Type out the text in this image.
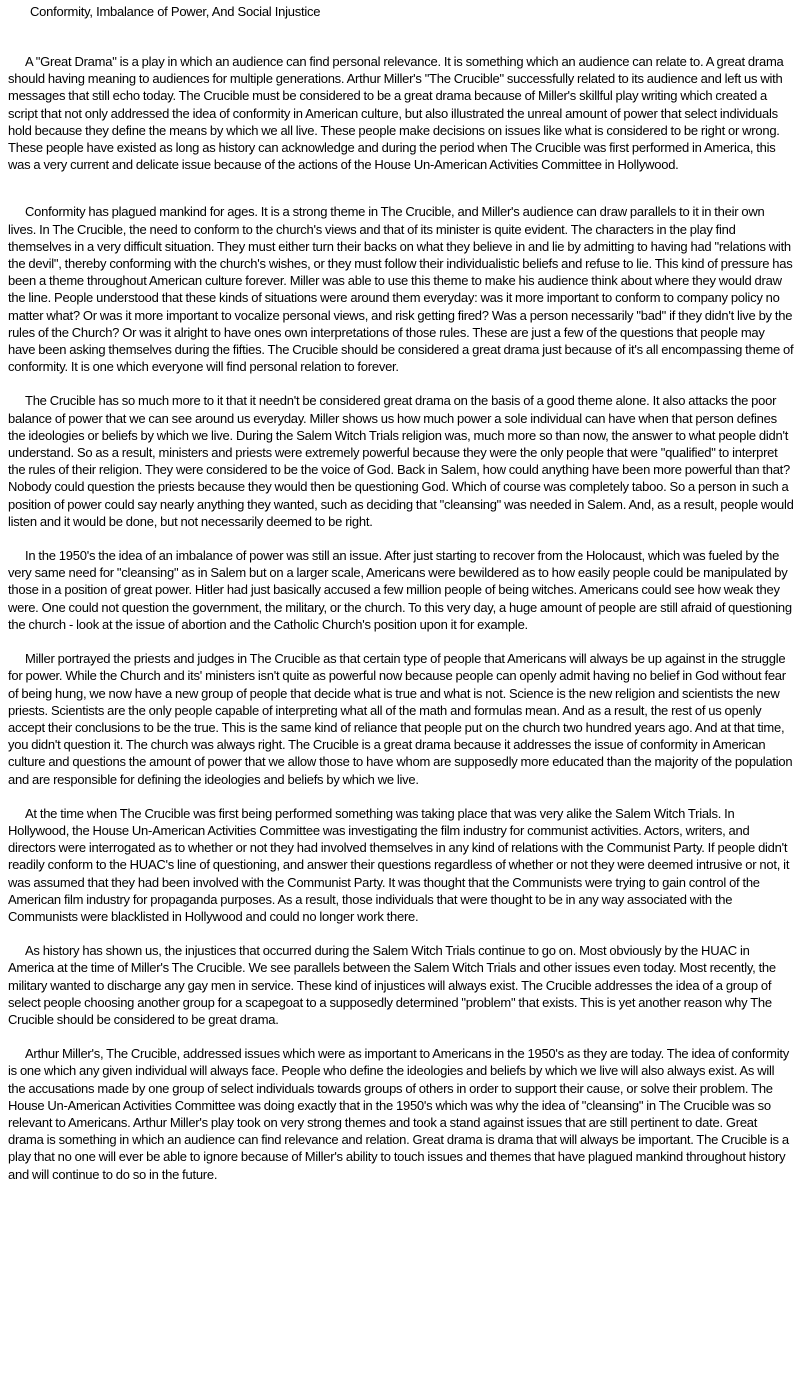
Conformity, Imbalance of Power, And Social Injustice

A "Great Drama" is a play in which an audience can find personal relevance. It is something which an audience can relate to. A great drama should having meaning to audiences for multiple generations. Arthur Miller's "The Crucible" successfully related to its audience and left us with messages that still echo today. The Crucible must be considered to be a great drama because of Miller's skillful play writing which created a script that not only addressed the idea of conformity in American culture, but also illustrated the unreal amount of power that select individuals hold because they define the means by which we all live. These people make decisions on issues like what is considered to be right or wrong. These people have existed as long as history can acknowledge and during the period when The Crucible was first performed in America, this was a very current and delicate issue because of the actions of the House Un-American Activities Committee in Hollywood.

Conformity has plagued mankind for ages. It is a strong theme in The Crucible, and Miller's audience can draw parallels to it in their own lives. In The Crucible, the need to conform to the church's views and that of its minister is quite evident. The characters in the play find themselves in a very difficult situation. They must either turn their backs on what they believe in and lie by admitting to having had "relations with the devil", thereby conforming with the church's wishes, or they must follow their individualistic beliefs and refuse to lie. This kind of pressure has been a theme throughout American culture forever. Miller was able to use this theme to make his audience think about where they would draw the line. People understood that these kinds of situations were around them everyday: was it more important to conform to company policy no matter what? Or was it more important to vocalize personal views, and risk getting fired? Was a person necessarily "bad" if they didn't live by the rules of the Church? Or was it alright to have ones own interpretations of those rules. These are just a few of the questions that people may have been asking themselves during the fifties. The Crucible should be considered a great drama just because of it's all encompassing theme of conformity. It is one which everyone will find personal relation to forever.

The Crucible has so much more to it that it needn't be considered great drama on the basis of a good theme alone. It also attacks the poor balance of power that we can see around us everyday. Miller shows us how much power a sole individual can have when that person defines the ideologies or beliefs by which we live. During the Salem Witch Trials religion was, much more so than now, the answer to what people didn't understand. So as a result, ministers and priests were extremely powerful because they were the only people that were "qualified" to interpret the rules of their religion. They were considered to be the voice of God. Back in Salem, how could anything have been more powerful than that? Nobody could question the priests because they would then be questioning God. Which of course was completely taboo. So a person in such a position of power could say nearly anything they wanted, such as deciding that "cleansing" was needed in Salem. And, as a result, people would listen and it would be done, but not necessarily deemed to be right.

In the 1950's the idea of an imbalance of power was still an issue. After just starting to recover from the Holocaust, which was fueled by the very same need for "cleansing" as in Salem but on a larger scale, Americans were bewildered as to how easily people could be manipulated by those in a position of great power. Hitler had just basically accused a few million people of being witches. Americans could see how weak they were. One could not question the government, the military, or the church. To this very day, a huge amount of people are still afraid of questioning the church - look at the issue of abortion and the Catholic Church's position upon it for example.

Miller portrayed the priests and judges in The Crucible as that certain type of people that Americans will always be up against in the struggle for power. While the Church and its' ministers isn't quite as powerful now because people can openly admit having no belief in God without fear of being hung, we now have a new group of people that decide what is true and what is not. Science is the new religion and scientists the new priests. Scientists are the only people capable of interpreting what all of the math and formulas mean. And as a result, the rest of us openly accept their conclusions to be the true. This is the same kind of reliance that people put on the church two hundred years ago. And at that time, you didn't question it. The church was always right. The Crucible is a great drama because it addresses the issue of conformity in American culture and questions the amount of power that we allow those to have whom are supposedly more educated than the majority of the population and are responsible for defining the ideologies and beliefs by which we live.

At the time when The Crucible was first being performed something was taking place that was very alike the Salem Witch Trials. In Hollywood, the House Un-American Activities Committee was investigating the film industry for communist activities. Actors, writers, and directors were interrogated as to whether or not they had involved themselves in any kind of relations with the Communist Party. If people didn't readily conform to the HUAC's line of questioning, and answer their questions regardless of whether or not they were deemed intrusive or not, it was assumed that they had been involved with the Communist Party. It was thought that the Communists were trying to gain control of the American film industry for propaganda purposes. As a result, those individuals that were thought to be in any way associated with the Communists were blacklisted in Hollywood and could no longer work there.

As history has shown us, the injustices that occurred during the Salem Witch Trials continue to go on. Most obviously by the HUAC in America at the time of Miller's The Crucible. We see parallels between the Salem Witch Trials and other issues even today. Most recently, the military wanted to discharge any gay men in service. These kind of injustices will always exist. The Crucible addresses the idea of a group of select people choosing another group for a scapegoat to a supposedly determined "problem" that exists. This is yet another reason why The Crucible should be considered to be great drama.

Arthur Miller's, The Crucible, addressed issues which were as important to Americans in the 1950's as they are today. The idea of conformity is one which any given individual will always face. People who define the ideologies and beliefs by which we live will also always exist. As will the accusations made by one group of select individuals towards groups of others in order to support their cause, or solve their problem. The House Un-American Activities Committee was doing exactly that in the 1950's which was why the idea of "cleansing" in The Crucible was so relevant to Americans. Arthur Miller's play took on very strong themes and took a stand against issues that are still pertinent to date. Great drama is something in which an audience can find relevance and relation. Great drama is drama that will always be important. The Crucible is a play that no one will ever be able to ignore because of Miller's ability to touch issues and themes that have plagued mankind throughout history and will continue to do so in the future.
